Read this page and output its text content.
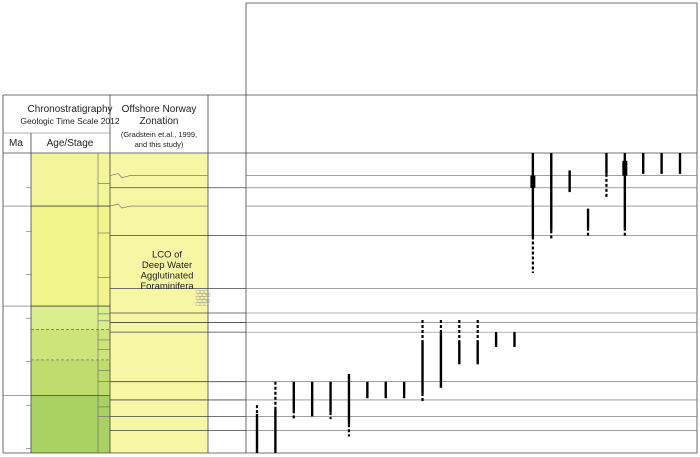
Chronostratigraphy
Geologic Time Scale 2012
Ma Age/Stage
Offshore Norway
Zonation
(Gradstein et.al., 1999,
and this study)
LCO of Deep Water Agglutinated Foraminifera
